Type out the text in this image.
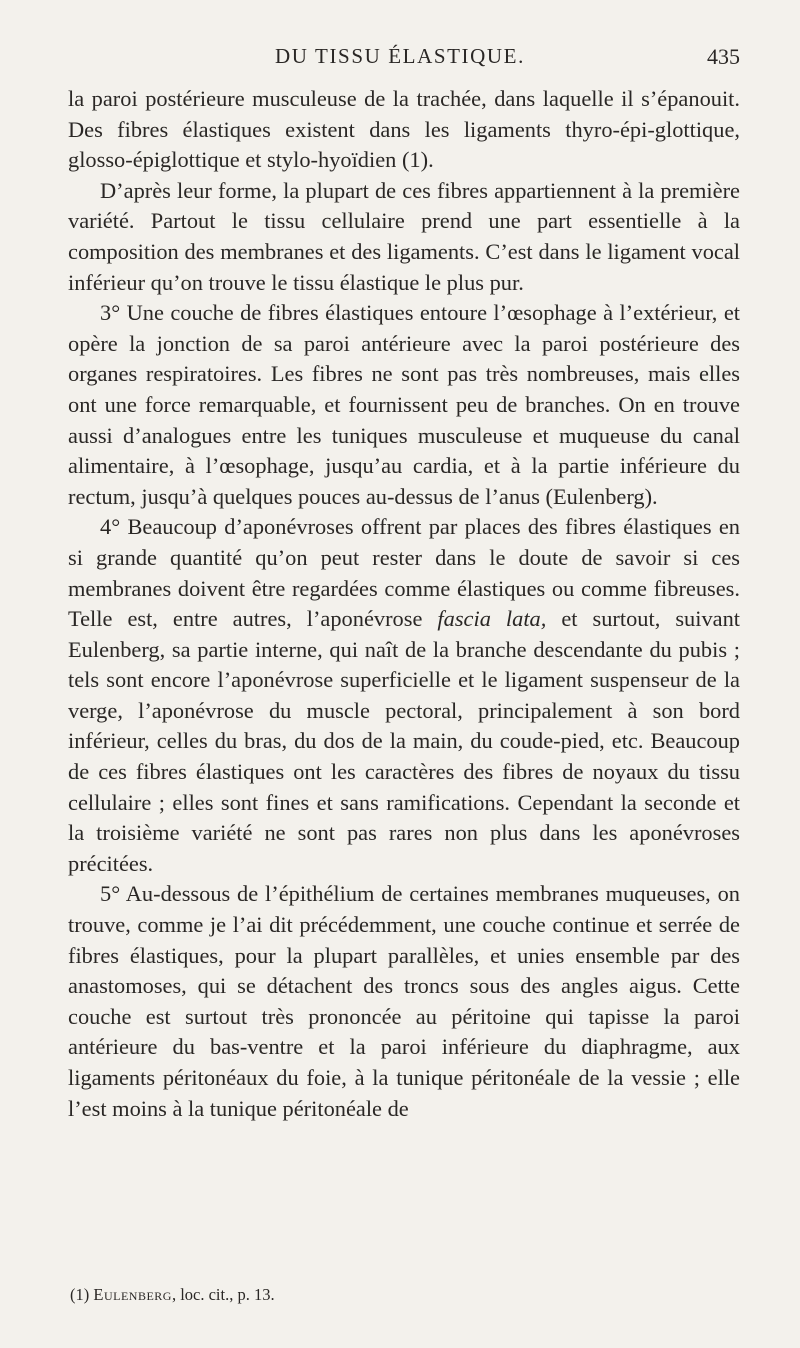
DU TISSU ÉLASTIQUE.	435

la paroi postérieure musculeuse de la trachée, dans laquelle il s’épanouit. Des fibres élastiques existent dans les ligaments thyro-épi-glottique, glosso-épiglottique et stylo-hyoïdien (1).

D’après leur forme, la plupart de ces fibres appartiennent à la première variété. Partout le tissu cellulaire prend une part essentielle à la composition des membranes et des ligaments. C’est dans le ligament vocal inférieur qu’on trouve le tissu élastique le plus pur.

3° Une couche de fibres élastiques entoure l’œsophage à l’extérieur, et opère la jonction de sa paroi antérieure avec la paroi postérieure des organes respiratoires. Les fibres ne sont pas très nombreuses, mais elles ont une force remarquable, et fournissent peu de branches. On en trouve aussi d’analogues entre les tuniques musculeuse et muqueuse du canal alimentaire, à l’œsophage, jusqu’au cardia, et à la partie inférieure du rectum, jusqu’à quelques pouces au-dessus de l’anus (Eulenberg).

4° Beaucoup d’aponévroses offrent par places des fibres élastiques en si grande quantité qu’on peut rester dans le doute de savoir si ces membranes doivent être regardées comme élastiques ou comme fibreuses. Telle est, entre autres, l’aponévrose fascia lata, et surtout, suivant Eulenberg, sa partie interne, qui naît de la branche descendante du pubis ; tels sont encore l’aponévrose superficielle et le ligament suspenseur de la verge, l’aponévrose du muscle pectoral, principalement à son bord inférieur, celles du bras, du dos de la main, du coude-pied, etc. Beaucoup de ces fibres élastiques ont les caractères des fibres de noyaux du tissu cellulaire ; elles sont fines et sans ramifications. Cependant la seconde et la troisième variété ne sont pas rares non plus dans les aponévroses précitées.

5° Au-dessous de l’épithélium de certaines membranes muqueuses, on trouve, comme je l’ai dit précédemment, une couche continue et serrée de fibres élastiques, pour la plupart parallèles, et unies ensemble par des anastomoses, qui se détachent des troncs sous des angles aigus. Cette couche est surtout très prononcée au péritoine qui tapisse la paroi antérieure du bas-ventre et la paroi inférieure du diaphragme, aux ligaments péritonéaux du foie, à la tunique péritonéale de la vessie ; elle l’est moins à la tunique péritonéale de

(1) Eulenberg, loc. cit., p. 13.
